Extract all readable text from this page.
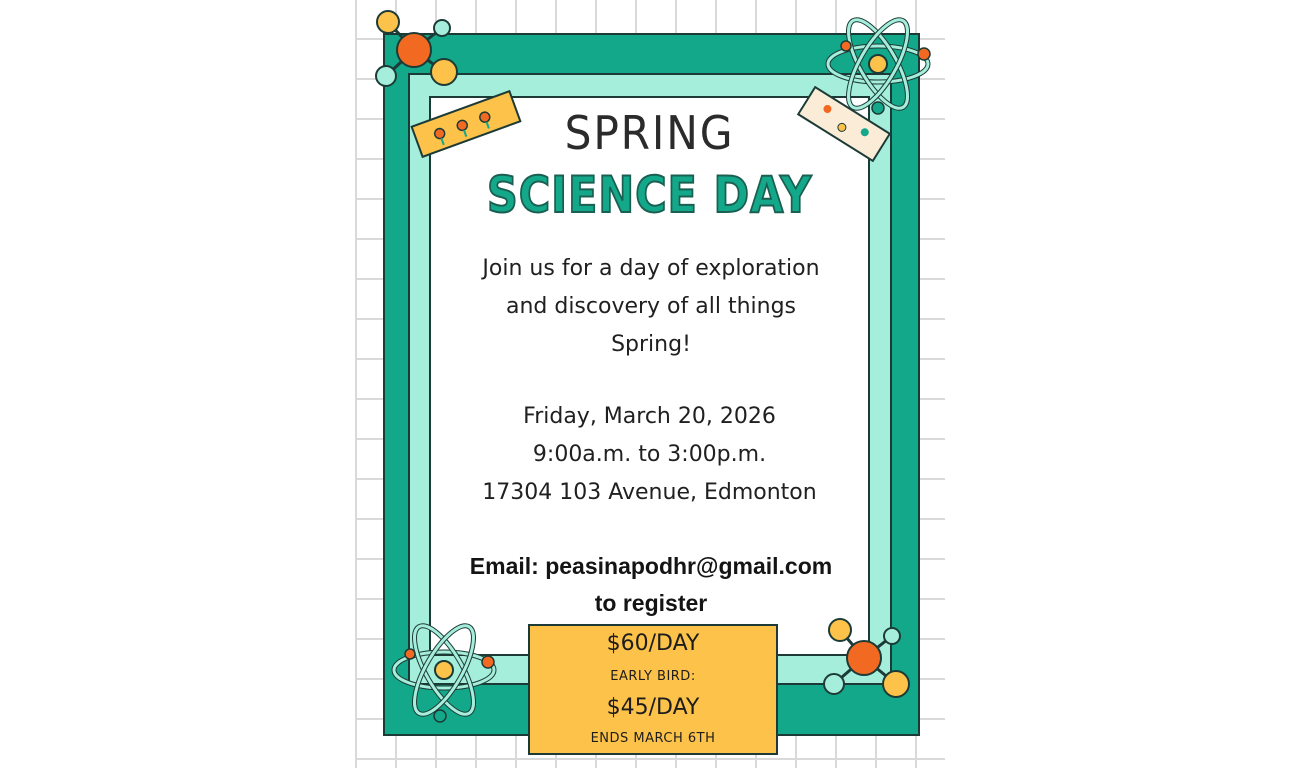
SPRING
SCIENCE DAY
Join us for a day of exploration
and discovery of all things
Spring!
Friday, March 20, 2026
9:00a.m. to 3:00p.m.
17304 103 Avenue, Edmonton
Email: peasinapodhr@gmail.com
to register
$60/DAY
EARLY BIRD:
$45/DAY
ENDS MARCH 6TH
